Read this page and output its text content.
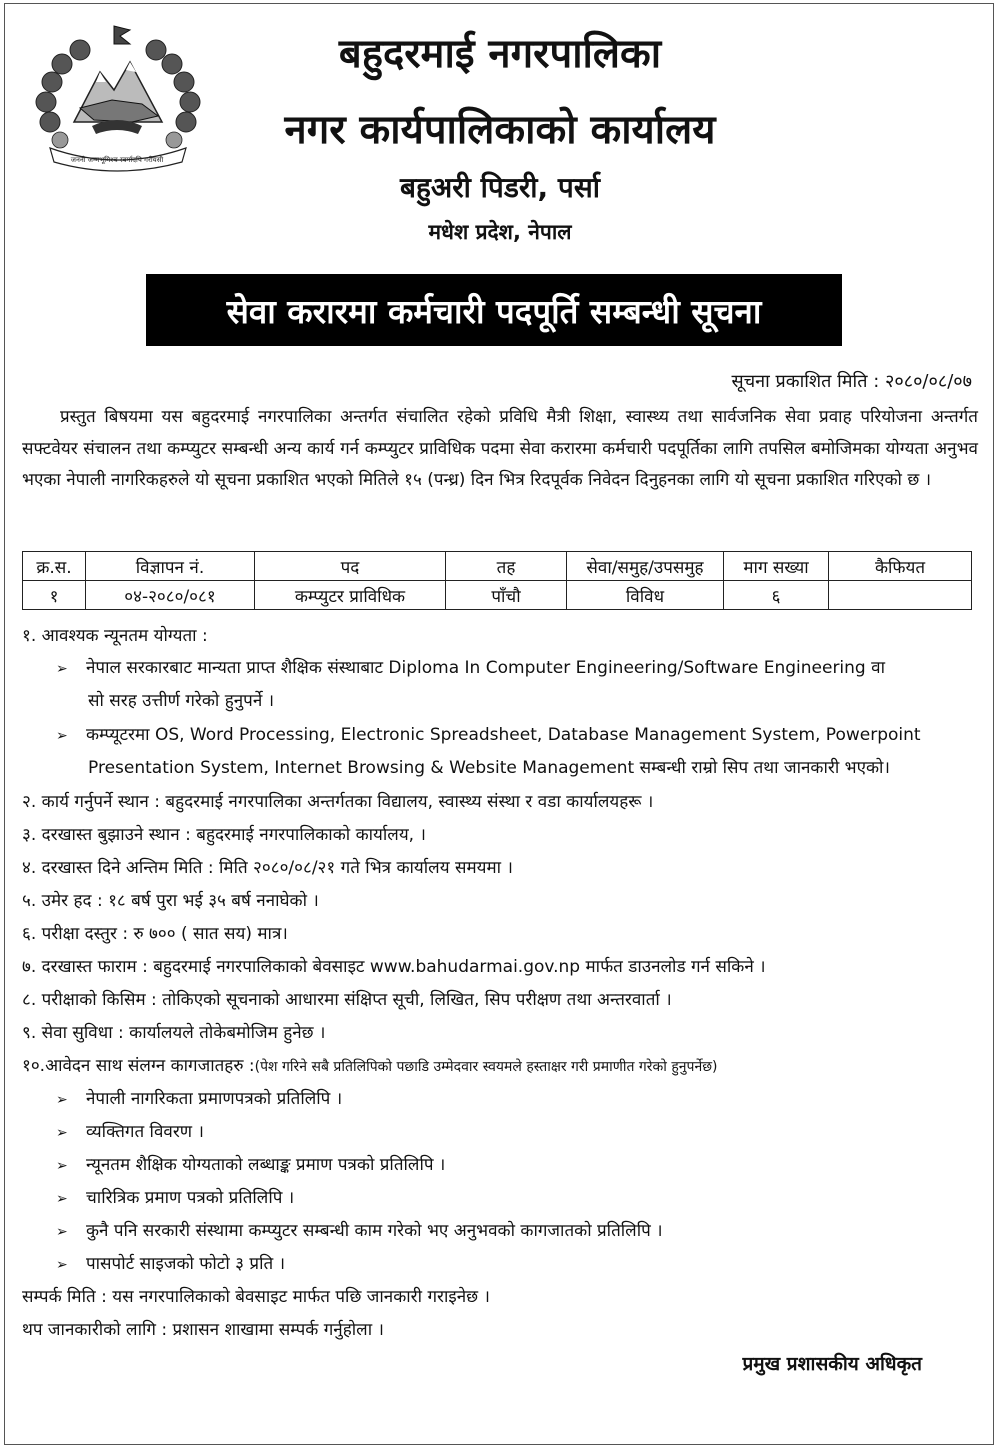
जननी जन्मभूमिश्च स्वर्गादपि गरीयसी
बहुदरमाई नगरपालिका
नगर कार्यपालिकाको कार्यालय
बहुअरी पिडरी, पर्सा
मधेश प्रदेश, नेपाल
सेवा करारमा कर्मचारी पदपूर्ति सम्बन्धी सूचना
सूचना प्रकाशित मिति : २०८०/०८/०७
प्रस्तुत बिषयमा यस बहुदरमाई नगरपालिका अन्तर्गत संचालित रहेको प्रविधि मैत्री शिक्षा, स्वास्थ्य तथा सार्वजनिक सेवा प्रवाह परियोजना अन्तर्गत सफ्टवेयर संचालन तथा कम्प्युटर सम्बन्धी अन्य कार्य गर्न कम्प्युटर प्राविधिक पदमा सेवा करारमा कर्मचारी पदपूर्तिका लागि तपसिल बमोजिमका योग्यता अनुभव भएका नेपाली नागरिकहरुले यो सूचना प्रकाशित भएको मितिले १५ (पन्ध्र) दिन भित्र रिदपूर्वक निवेदन दिनुहनका लागि यो सूचना प्रकाशित गरिएको छ ।
क्र.स.	विज्ञापन नं.	पद	तह	सेवा/समुह/उपसमुह	माग सख्या	कैफियत
१	०४-२०८०/०८१	कम्प्युटर प्राविधिक	पाँचौ	विविध	६	
१. आवश्यक न्यूनतम योग्यता :
➢ नेपाल सरकारबाट मान्यता प्राप्त शैक्षिक संस्थाबाट Diploma In Computer Engineering/Software Engineering वा
सो सरह उत्तीर्ण गरेको हुनुपर्ने ।
➢ कम्प्यूटरमा OS, Word Processing, Electronic Spreadsheet, Database Management System, Powerpoint
Presentation System, Internet Browsing & Website Management सम्बन्धी राम्रो सिप तथा जानकारी भएको।
२. कार्य गर्नुपर्ने स्थान : बहुदरमाई नगरपालिका अन्तर्गतका विद्यालय, स्वास्थ्य संस्था र वडा कार्यालयहरू ।
३. दरखास्त बुझाउने स्थान : बहुदरमाई नगरपालिकाको कार्यालय, ।
४. दरखास्त दिने अन्तिम मिति : मिति २०८०/०८/२१ गते भित्र कार्यालय समयमा ।
५. उमेर हद : १८ बर्ष पुरा भई ३५ बर्ष ननाघेको ।
६. परीक्षा दस्तुर : रु ७०० ( सात सय) मात्र।
७. दरखास्त फाराम : बहुदरमाई नगरपालिकाको बेवसाइट www.bahudarmai.gov.np मार्फत डाउनलोड गर्न सकिने ।
८. परीक्षाको किसिम : तोकिएको सूचनाको आधारमा संक्षिप्त सूची, लिखित, सिप परीक्षण तथा अन्तरवार्ता ।
९. सेवा सुविधा : कार्यालयले तोकेबमोजिम हुनेछ ।
१०.आवेदन साथ संलग्न कागजातहरु :(पेश गरिने सबै प्रतिलिपिको पछाडि उम्मेदवार स्वयमले हस्ताक्षर गरी प्रमाणीत गरेको हुनुपर्नेछ)
➢ नेपाली नागरिकता प्रमाणपत्रको प्रतिलिपि ।
➢ व्यक्तिगत विवरण ।
➢ न्यूनतम शैक्षिक योग्यताको लब्धाङ्क प्रमाण पत्रको प्रतिलिपि ।
➢ चारित्रिक प्रमाण पत्रको प्रतिलिपि ।
➢ कुनै पनि सरकारी संस्थामा कम्प्युटर सम्बन्धी काम गरेको भए अनुभवको कागजातको प्रतिलिपि ।
➢ पासपोर्ट साइजको फोटो ३ प्रति ।
सम्पर्क मिति : यस नगरपालिकाको बेवसाइट मार्फत पछि जानकारी गराइनेछ ।
थप जानकारीको लागि : प्रशासन शाखामा सम्पर्क गर्नुहोला ।
प्रमुख प्रशासकीय अधिकृत
